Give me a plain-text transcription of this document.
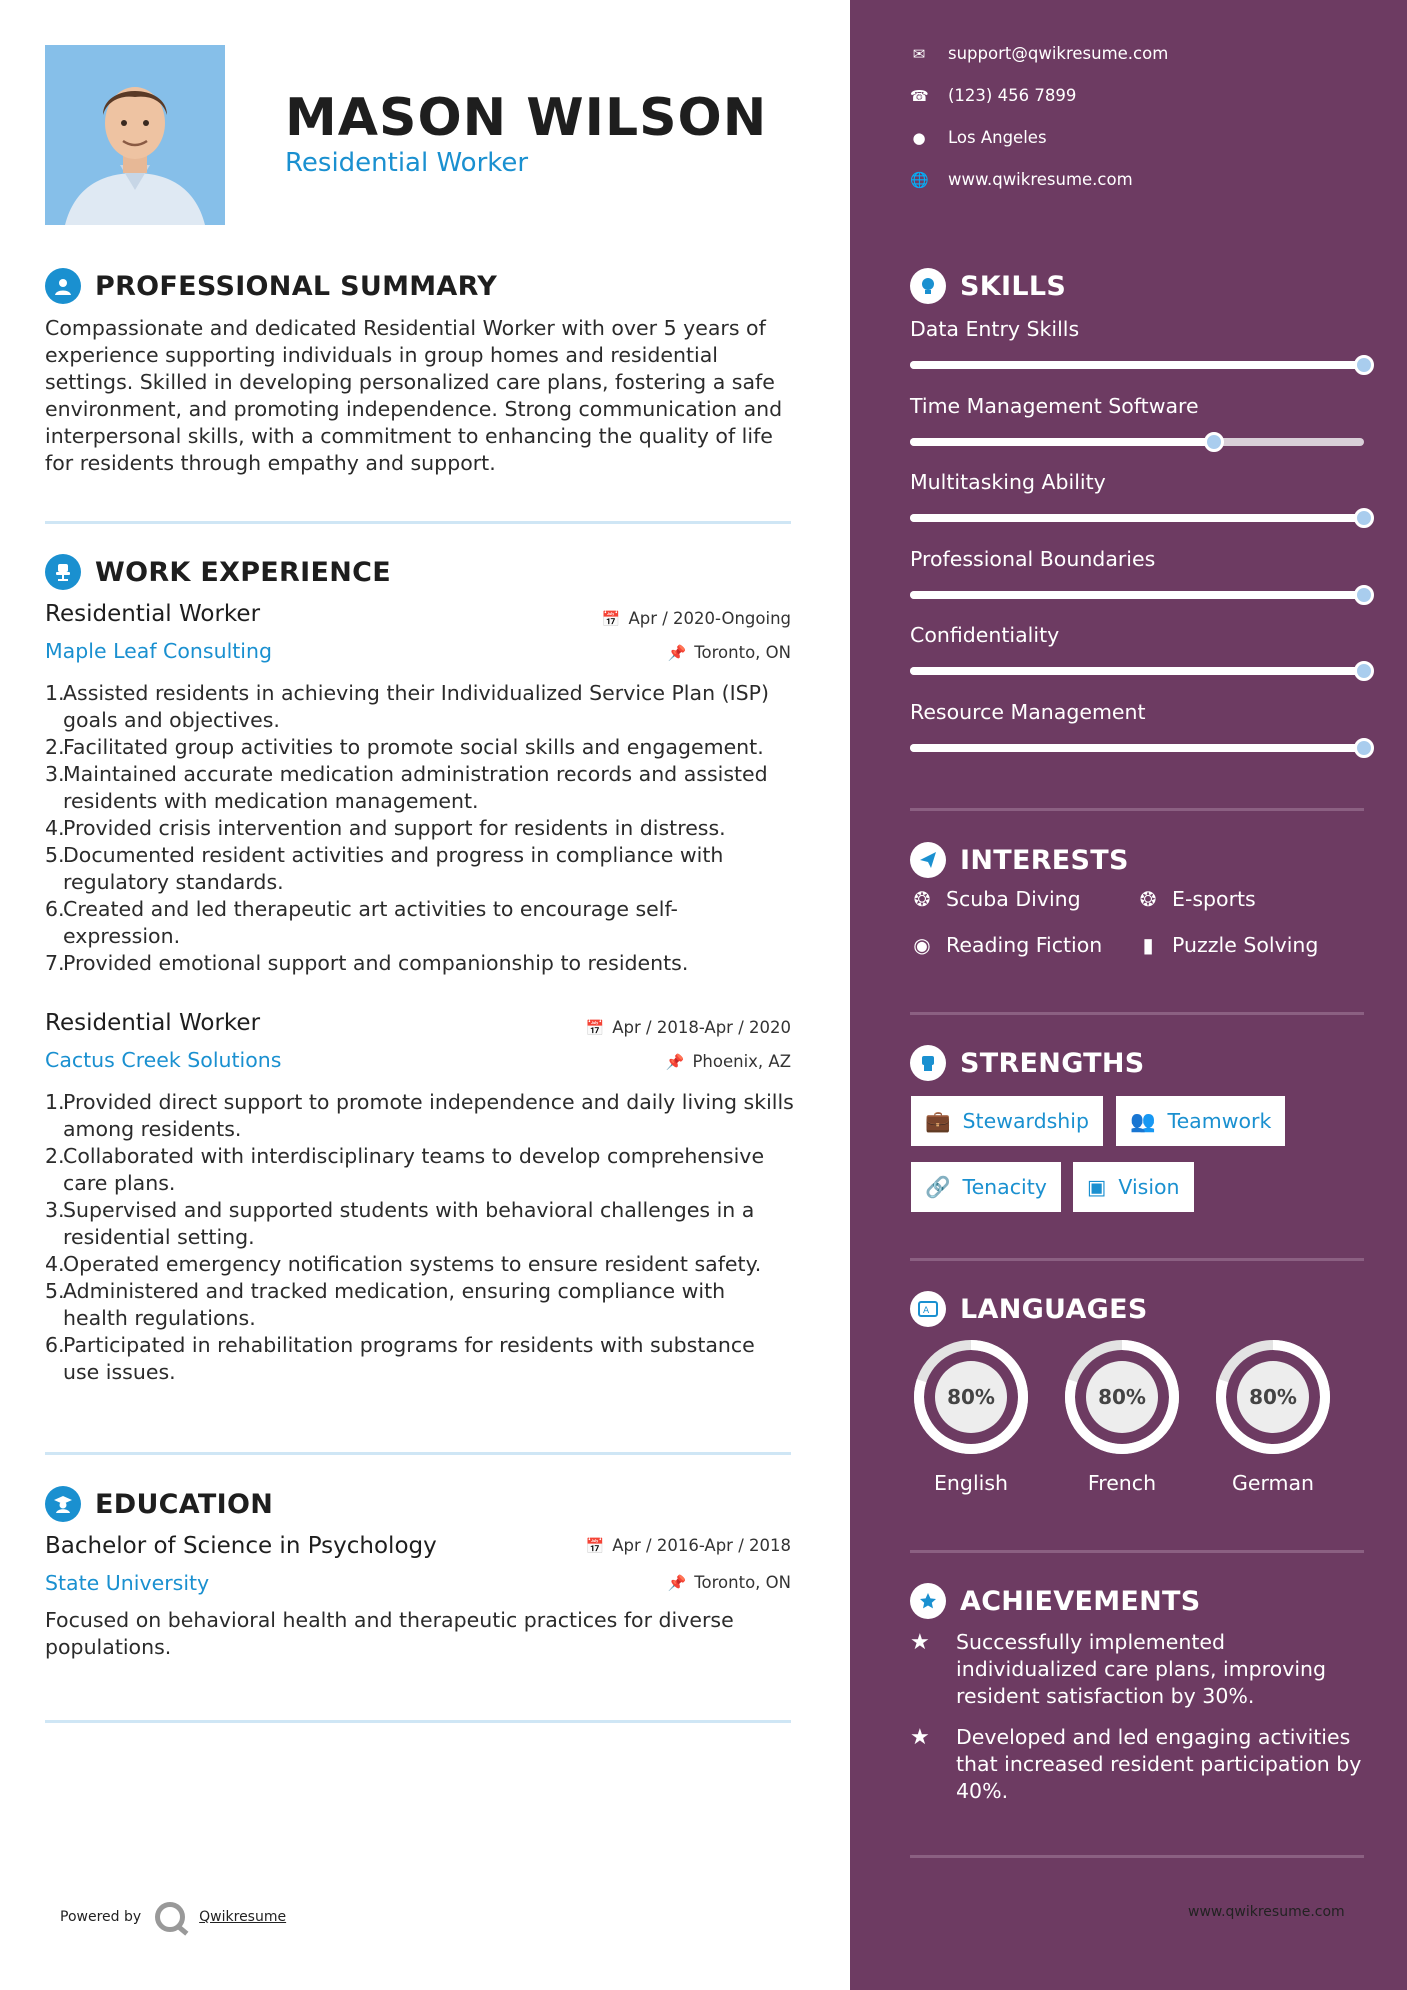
MASON WILSON
Residential Worker
PROFESSIONAL SUMMARY
Compassionate and dedicated Residential Worker with over 5 years of experience supporting individuals in group homes and residential settings. Skilled in developing personalized care plans, fostering a safe environment, and promoting independence. Strong communication and interpersonal skills, with a commitment to enhancing the quality of life for residents through empathy and support.
WORK EXPERIENCE
Residential Worker	📅 Apr / 2020-Ongoing
Maple Leaf Consulting	📌 Toronto, ON
1.
Assisted residents in achieving their Individualized Service Plan (ISP) goals and objectives.
2.
Facilitated group activities to promote social skills and engagement.
3.
Maintained accurate medication administration records and assisted residents with medication management.
4.
Provided crisis intervention and support for residents in distress.
5.
Documented resident activities and progress in compliance with regulatory standards.
6.
Created and led therapeutic art activities to encourage self-expression.
7.
Provided emotional support and companionship to residents.
Residential Worker	📅 Apr / 2018-Apr / 2020
Cactus Creek Solutions	📌 Phoenix, AZ
1.
Provided direct support to promote independence and daily living skills among residents.
2.
Collaborated with interdisciplinary teams to develop comprehensive care plans.
3.
Supervised and supported students with behavioral challenges in a residential setting.
4.
Operated emergency notification systems to ensure resident safety.
5.
Administered and tracked medication, ensuring compliance with health regulations.
6.
Participated in rehabilitation programs for residents with substance use issues.
EDUCATION
Bachelor of Science in Psychology	📅 Apr / 2016-Apr / 2018
State University	📌 Toronto, ON
Focused on behavioral health and therapeutic practices for diverse populations.
Powered by	Qwikresume
✉ support@qwikresume.com
☎ (123) 456 7899
● Los Angeles
🌐 www.qwikresume.com
SKILLS
Data Entry Skills
Time Management Software
Multitasking Ability
Professional Boundaries
Confidentiality
Resource Management
INTERESTS
❂ Scuba Diving	❂ E-sports
◉ Reading Fiction	▮ Puzzle Solving
STRENGTHS
💼 Stewardship 👥 Teamwork
🔗 Tenacity ▣ Vision
A LANGUAGES
80%
English
80%
French
80%
German
ACHIEVEMENTS
★	Successfully implemented individualized care plans, improving resident satisfaction by 30%.
★	Developed and led engaging activities that increased resident participation by 40%.
www.qwikresume.com
